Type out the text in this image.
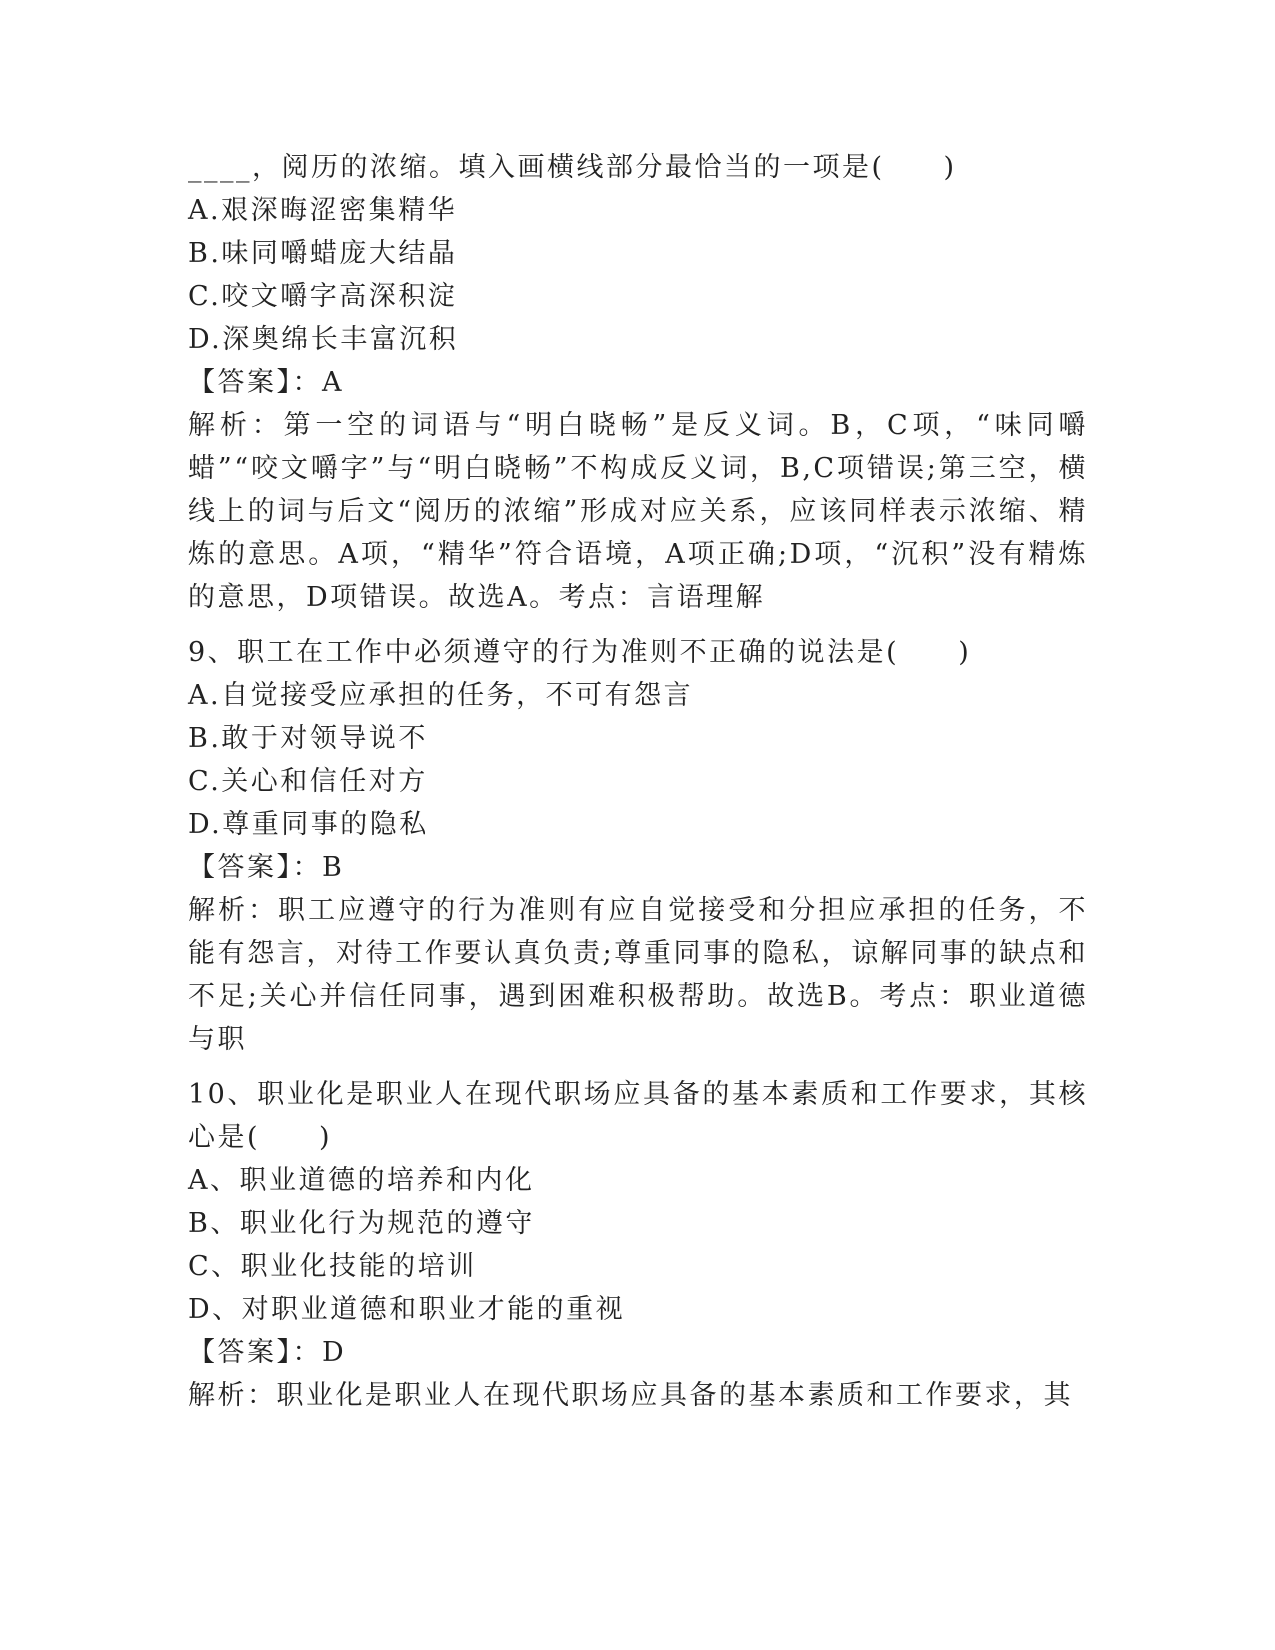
____，阅历的浓缩。填入画横线部分最恰当的一项是(　　)
A.艰深晦涩密集精华
B.味同嚼蜡庞大结晶
C.咬文嚼字高深积淀
D.深奥绵长丰富沉积
【答案】：A
解析：第一空的词语与“明白晓畅”是反义词。B，C项，“味同嚼蜡”“咬文嚼字”与“明白晓畅”不构成反义词，B,C项错误;第三空，横线上的词与后文“阅历的浓缩”形成对应关系，应该同样表示浓缩、精炼的意思。A项，“精华”符合语境，A项正确;D项，“沉积”没有精炼的意思，D项错误。故选A。考点：言语理解
9、职工在工作中必须遵守的行为准则不正确的说法是(　　)
A.自觉接受应承担的任务，不可有怨言
B.敢于对领导说不
C.关心和信任对方
D.尊重同事的隐私
【答案】：B
解析：职工应遵守的行为准则有应自觉接受和分担应承担的任务，不能有怨言，对待工作要认真负责;尊重同事的隐私，谅解同事的缺点和不足;关心并信任同事，遇到困难积极帮助。故选B。考点：职业道德与职
10、职业化是职业人在现代职场应具备的基本素质和工作要求，其核心是(　　)
A、职业道德的培养和内化
B、职业化行为规范的遵守
C、职业化技能的培训
D、对职业道德和职业才能的重视
【答案】：D
解析：职业化是职业人在现代职场应具备的基本素质和工作要求，其
